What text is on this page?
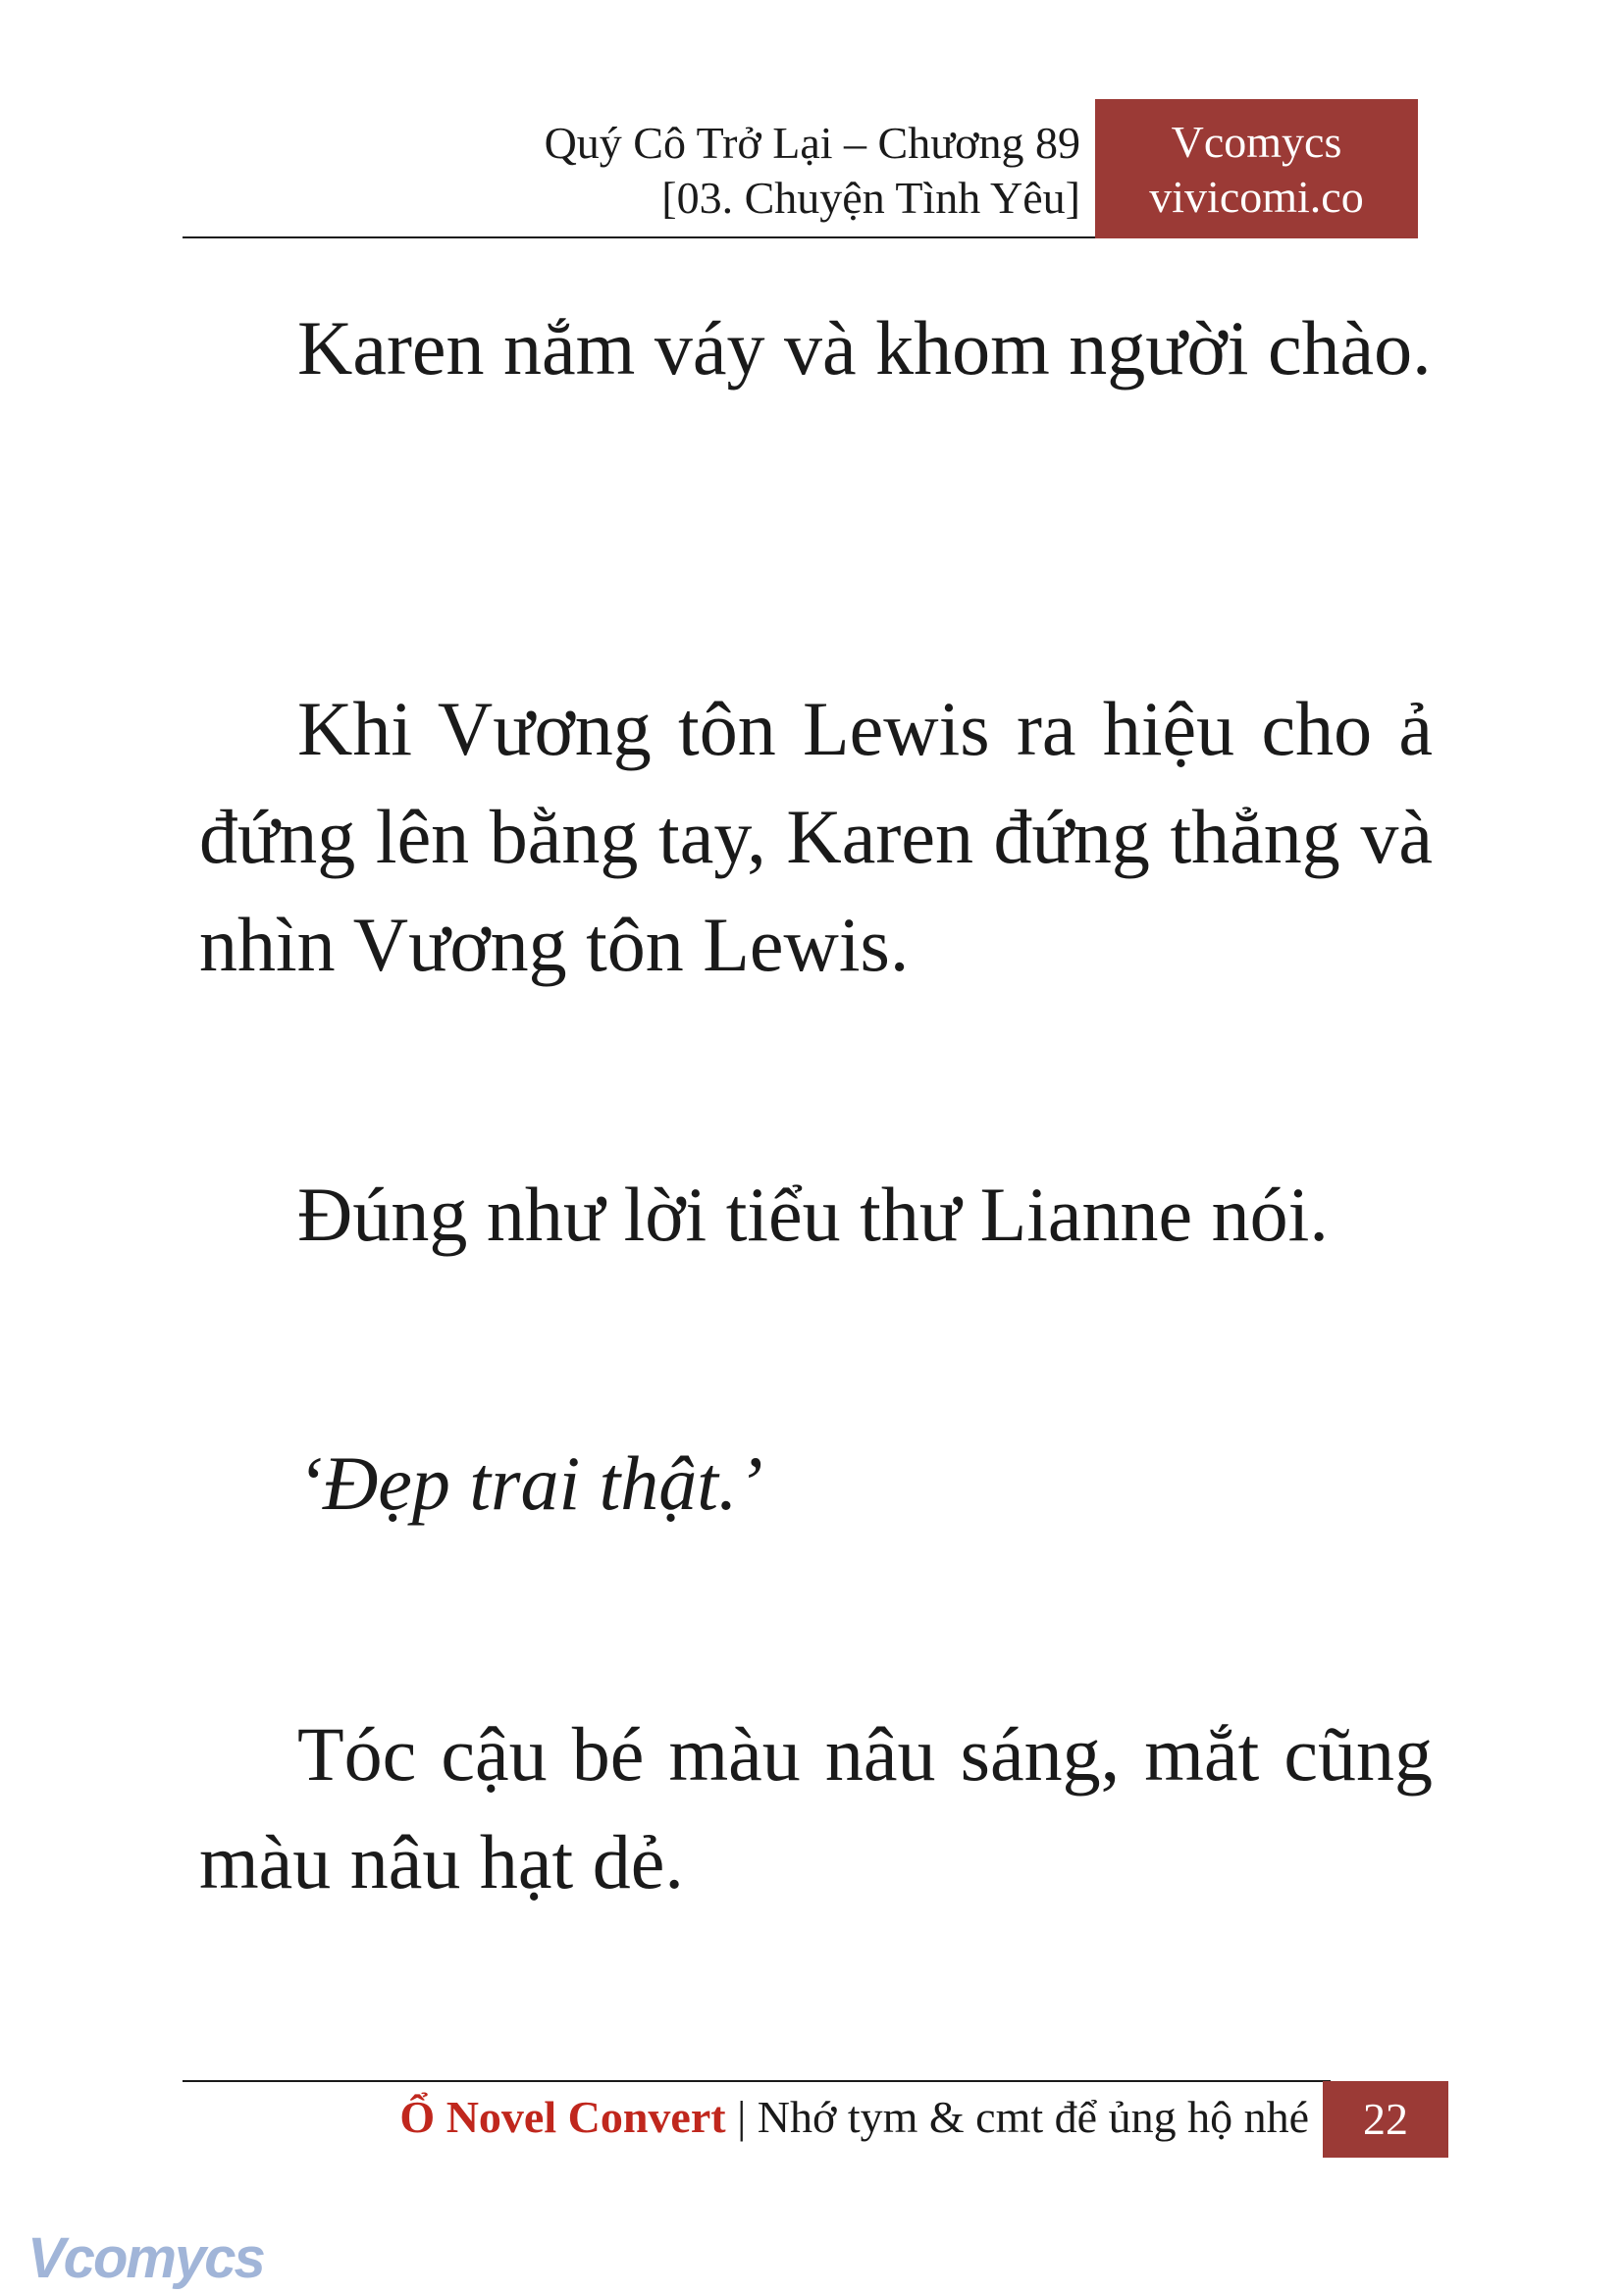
Quý Cô Trở Lại – Chương 89
[03. Chuyện Tình Yêu]
Vcomycs
vivicomi.co

Karen nắm váy và khom người chào.

Khi Vương tôn Lewis ra hiệu cho ả đứng lên bằng tay, Karen đứng thẳng và nhìn Vương tôn Lewis.

Đúng như lời tiểu thư Lianne nói.

‘Đẹp trai thật.’

Tóc cậu bé màu nâu sáng, mắt cũng màu nâu hạt dẻ.

Ổ Novel Convert | Nhớ tym & cmt để ủng hộ nhé	22
Vcomycs
